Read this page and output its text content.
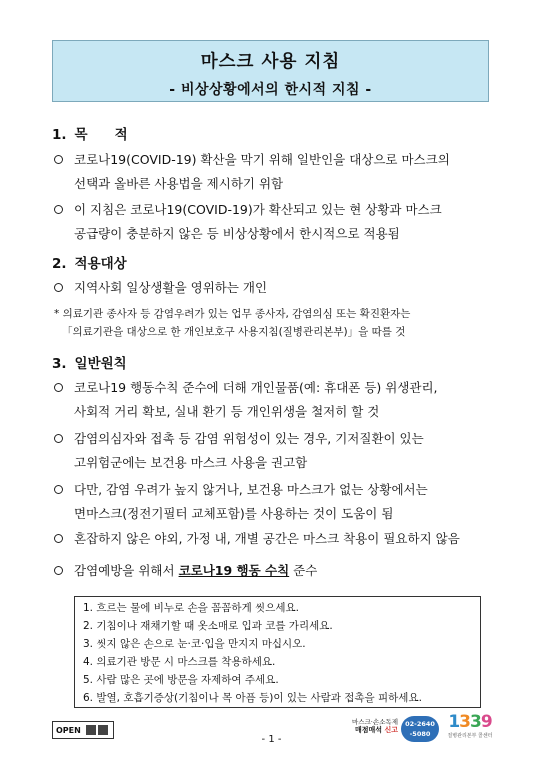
마스크 사용 지침
- 비상상황에서의 한시적 지침 -
1. 목　　적
코로나19(COVID-19) 확산을 막기 위해 일반인을 대상으로 마스크의
선택과 올바른 사용법을 제시하기 위함
이 지침은 코로나19(COVID-19)가 확산되고 있는 현 상황과 마스크
공급량이 충분하지 않은 등 비상상황에서 한시적으로 적용됨
2. 적용대상
지역사회 일상생활을 영위하는 개인
* 의료기관 종사자 등 감염우려가 있는 업무 종사자, 감염의심 또는 확진환자는
「의료기관을 대상으로 한 개인보호구 사용지침(질병관리본부)」을 따를 것
3. 일반원칙
코로나19 행동수칙 준수에 더해 개인물품(예: 휴대폰 등) 위생관리,
사회적 거리 확보, 실내 환기 등 개인위생을 철저히 할 것
감염의심자와 접촉 등 감염 위험성이 있는 경우, 기저질환이 있는
고위험군에는 보건용 마스크 사용을 권고함
다만, 감염 우려가 높지 않거나, 보건용 마스크가 없는 상황에서는
면마스크(정전기필터 교체포함)를 사용하는 것이 도움이 됨
혼잡하지 않은 야외, 가정 내, 개별 공간은 마스크 착용이 필요하지 않음
감염예방을 위해서 코로나19 행동 수칙 준수
1. 흐르는 물에 비누로 손을 꼼꼼하게 씻으세요.
2. 기침이나 재채기할 때 옷소매로 입과 코를 가리세요.
3. 씻지 않은 손으로 눈·코·입을 만지지 마십시오.
4. 의료기관 방문 시 마스크를 착용하세요.
5. 사람 많은 곳에 방문을 자제하여 주세요.
6. 발열, 호흡기증상(기침이나 목 아픔 등)이 있는 사람과 접촉을 피하세요.
OPEN
- 1 -
마스크·손소독제
매점매석 신고
02-2640
-5080
1339
질병관리본부 콜센터
